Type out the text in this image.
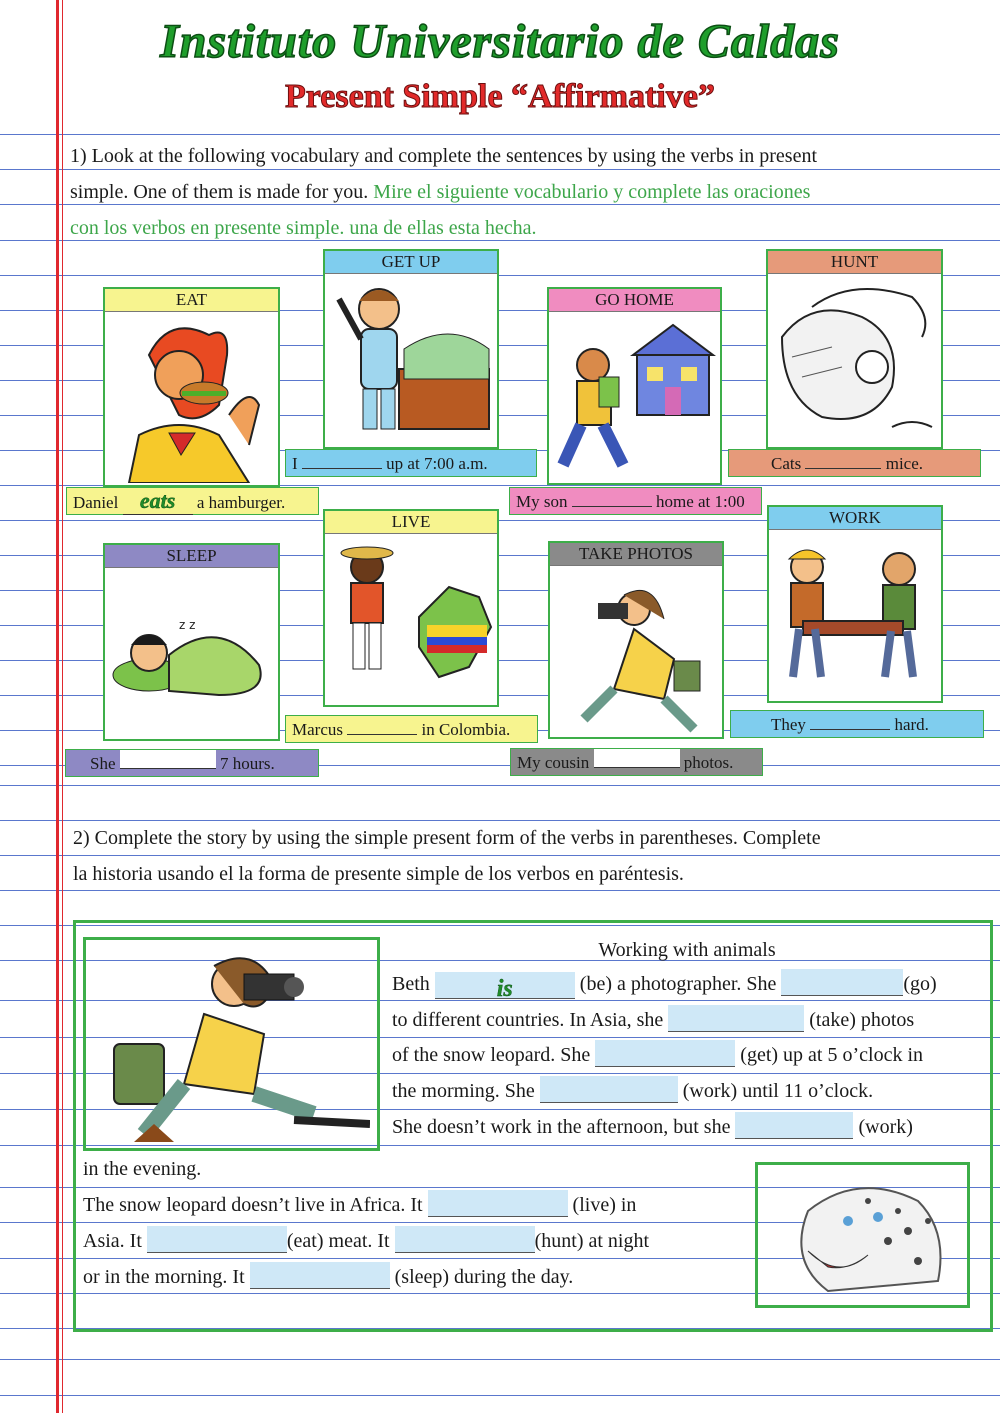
Instituto Universitario de Caldas
Present Simple “Affirmative”
1) Look at the following vocabulary and complete the sentences by using the verbs in present
simple. One of them is made for you. Mire el siguiente vocabulario y complete las oraciones
con los verbos en presente simple. una de ellas esta hecha.
EAT
Daniel eats a hamburger.
GET UP
I	up at 7:00 a.m.
GO HOME
My son	home at 1:00
HUNT
Cats	mice.
SLEEP
z z
She	7 hours.
LIVE
Marcus	in Colombia.
TAKE PHOTOS
My cousin	photos.
WORK
They	hard.
2) Complete the story by using the simple present form of the verbs in parentheses. Complete
la historia usando el la forma de presente simple de los verbos en paréntesis.
Working with animals
Beth	is	(be) a photographer. She	(go)
to different countries. In Asia, she	(take) photos
of the snow leopard. She	(get) up at 5 o’clock in
the morming. She	(work) until 11 o’clock.
She doesn’t work in the afternoon, but she	(work)
in the evening.
The snow leopard doesn’t live in Africa. It	(live) in
Asia. It	(eat) meat. It	(hunt) at night
or in the morning. It	(sleep) during the day.
